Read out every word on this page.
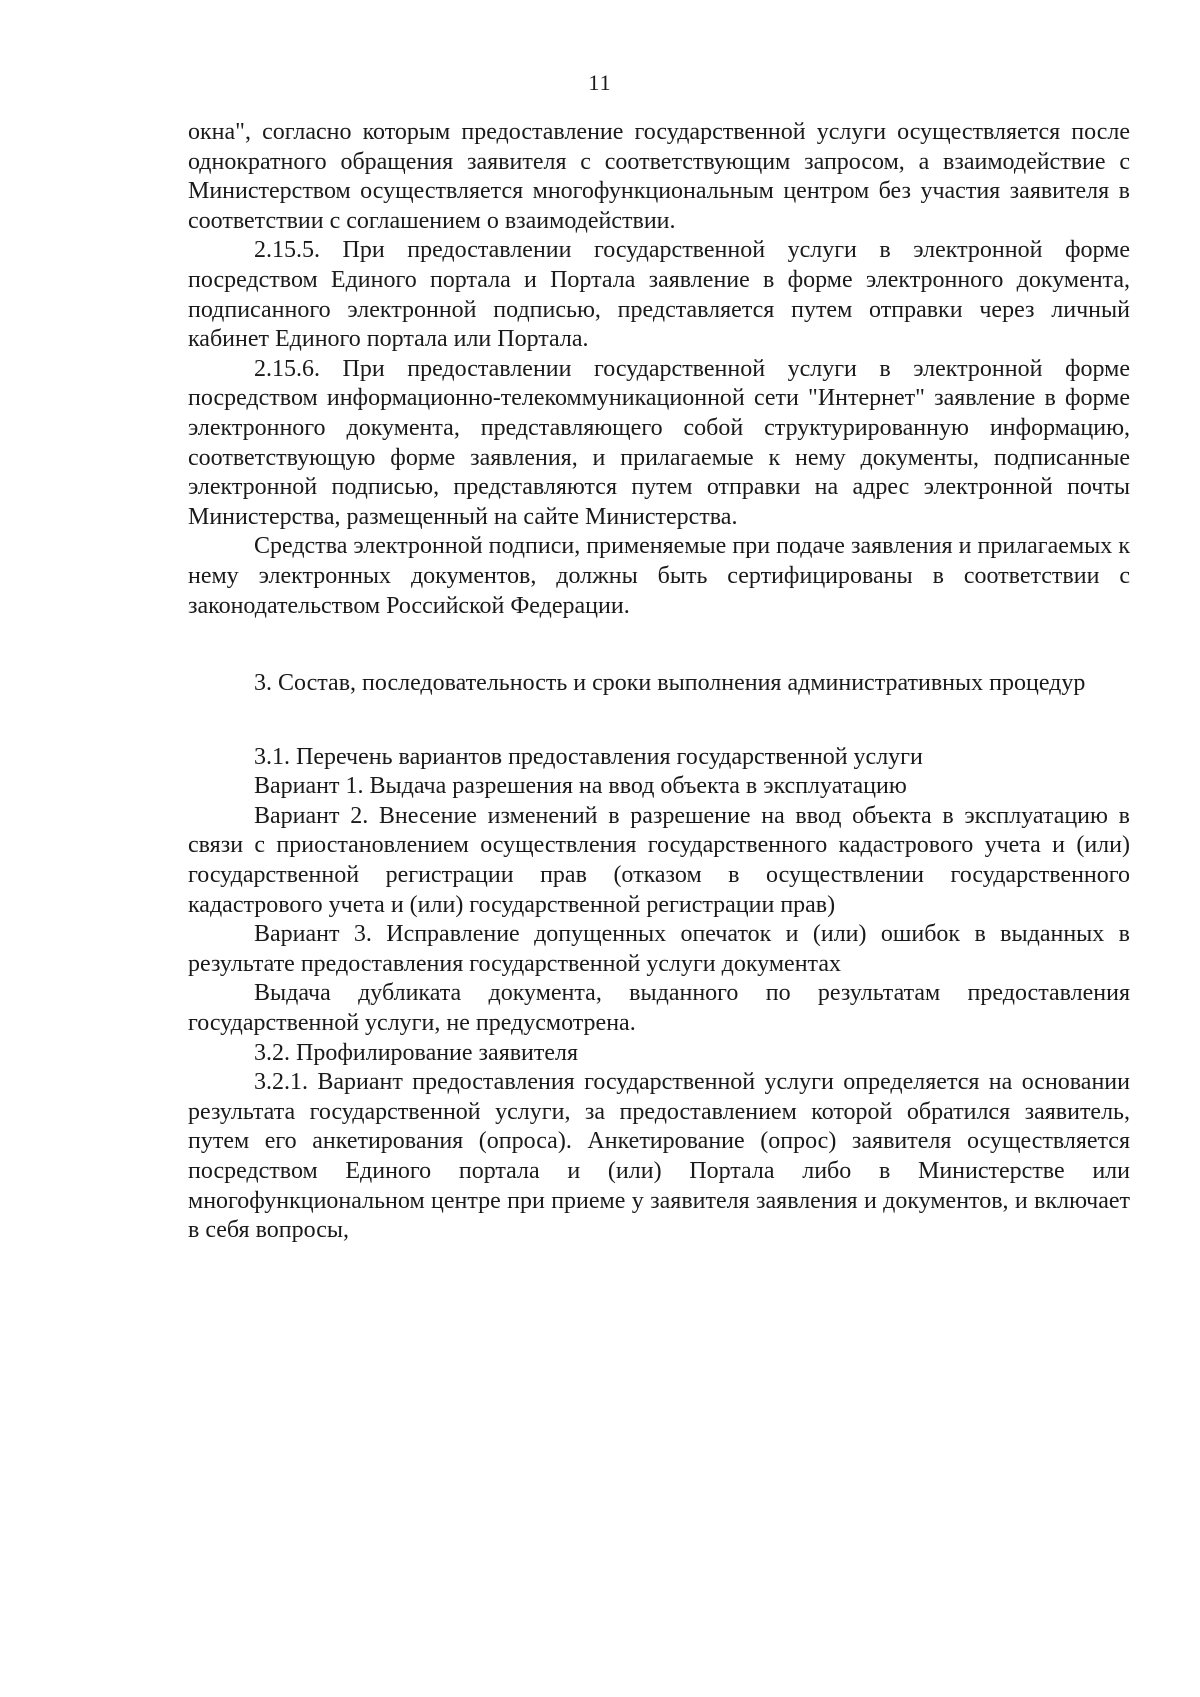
11

окна", согласно которым предоставление государственной услуги осуществляется после однократного обращения заявителя с соответствующим запросом, а взаимодействие с Министерством осуществляется многофункциональным центром без участия заявителя в соответствии с соглашением о взаимодействии.

2.15.5. При предоставлении государственной услуги в электронной форме посредством Единого портала и Портала заявление в форме электронного документа, подписанного электронной подписью, представляется путем отправки через личный кабинет Единого портала или Портала.

2.15.6. При предоставлении государственной услуги в электронной форме посредством информационно-телекоммуникационной сети "Интернет" заявление в форме электронного документа, представляющего собой структурированную информацию, соответствующую форме заявления, и прилагаемые к нему документы, подписанные электронной подписью, представляются путем отправки на адрес электронной почты Министерства, размещенный на сайте Министерства.

Средства электронной подписи, применяемые при подаче заявления и прилагаемых к нему электронных документов, должны быть сертифицированы в соответствии с законодательством Российской Федерации.

3. Состав, последовательность и сроки выполнения административных процедур

3.1. Перечень вариантов предоставления государственной услуги

Вариант 1. Выдача разрешения на ввод объекта в эксплуатацию

Вариант 2. Внесение изменений в разрешение на ввод объекта в эксплуатацию в связи с приостановлением осуществления государственного кадастрового учета и (или) государственной регистрации прав (отказом в осуществлении государственного кадастрового учета и (или) государственной регистрации прав)

Вариант 3. Исправление допущенных опечаток и (или) ошибок в выданных в результате предоставления государственной услуги документах

Выдача дубликата документа, выданного по результатам предоставления государственной услуги, не предусмотрена.

3.2. Профилирование заявителя

3.2.1. Вариант предоставления государственной услуги определяется на основании результата государственной услуги, за предоставлением которой обратился заявитель, путем его анкетирования (опроса). Анкетирование (опрос) заявителя осуществляется посредством Единого портала и (или) Портала либо в Министерстве или многофункциональном центре при приеме у заявителя заявления и документов, и включает в себя вопросы,
